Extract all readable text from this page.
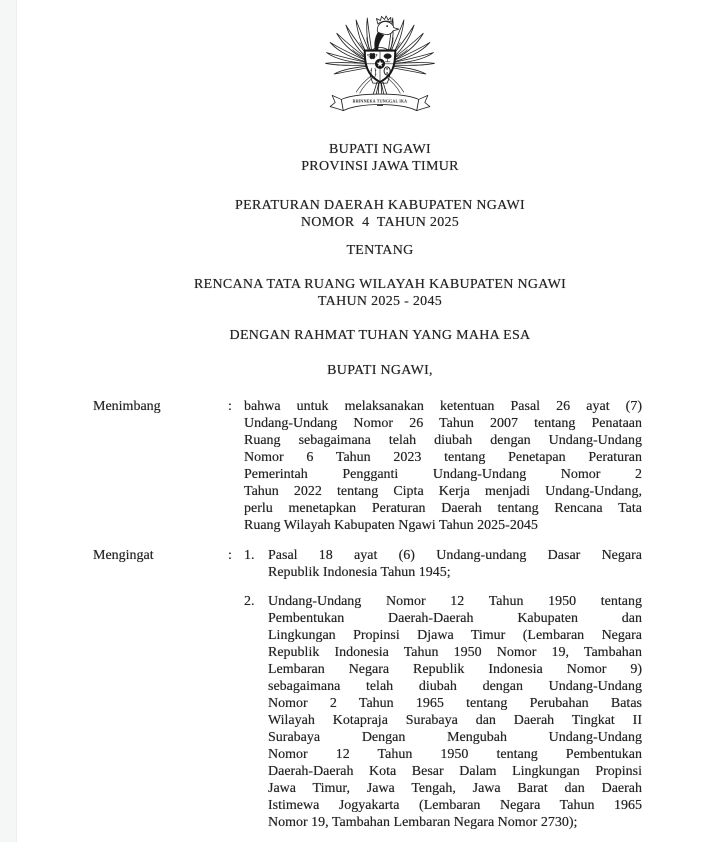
BHINNEKA TUNGGAL IKA
BUPATI NGAWI
PROVINSI JAWA TIMUR
PERATURAN DAERAH KABUPATEN NGAWI
NOMOR  4  TAHUN 2025
TENTANG
RENCANA TATA RUANG WILAYAH KABUPATEN NGAWI
TAHUN 2025 - 2045
DENGAN RAHMAT TUHAN YANG MAHA ESA
BUPATI NGAWI,
Menimbang	: bahwa untuk melaksanakan ketentuan Pasal 26 ayat (7)
Undang-Undang Nomor 26 Tahun 2007 tentang Penataan
Ruang sebagaimana telah diubah dengan Undang-Undang
Nomor 6 Tahun 2023 tentang Penetapan Peraturan
Pemerintah Pengganti Undang-Undang Nomor 2
Tahun 2022 tentang Cipta Kerja menjadi Undang-Undang,
perlu menetapkan Peraturan Daerah tentang Rencana Tata
Ruang Wilayah Kabupaten Ngawi Tahun 2025-2045
Mengingat	: 1. Pasal 18 ayat (6) Undang-undang Dasar Negara
Republik Indonesia Tahun 1945;
2. Undang-Undang Nomor 12 Tahun 1950 tentang
Pembentukan Daerah-Daerah Kabupaten dan
Lingkungan Propinsi Djawa Timur (Lembaran Negara
Republik Indonesia Tahun 1950 Nomor 19, Tambahan
Lembaran Negara Republik Indonesia Nomor 9)
sebagaimana telah diubah dengan Undang-Undang
Nomor 2 Tahun 1965 tentang Perubahan Batas
Wilayah Kotapraja Surabaya dan Daerah Tingkat II
Surabaya Dengan Mengubah Undang-Undang
Nomor 12 Tahun 1950 tentang Pembentukan
Daerah-Daerah Kota Besar Dalam Lingkungan Propinsi
Jawa Timur, Jawa Tengah, Jawa Barat dan Daerah
Istimewa Jogyakarta (Lembaran Negara Tahun 1965
Nomor 19, Tambahan Lembaran Negara Nomor 2730);
